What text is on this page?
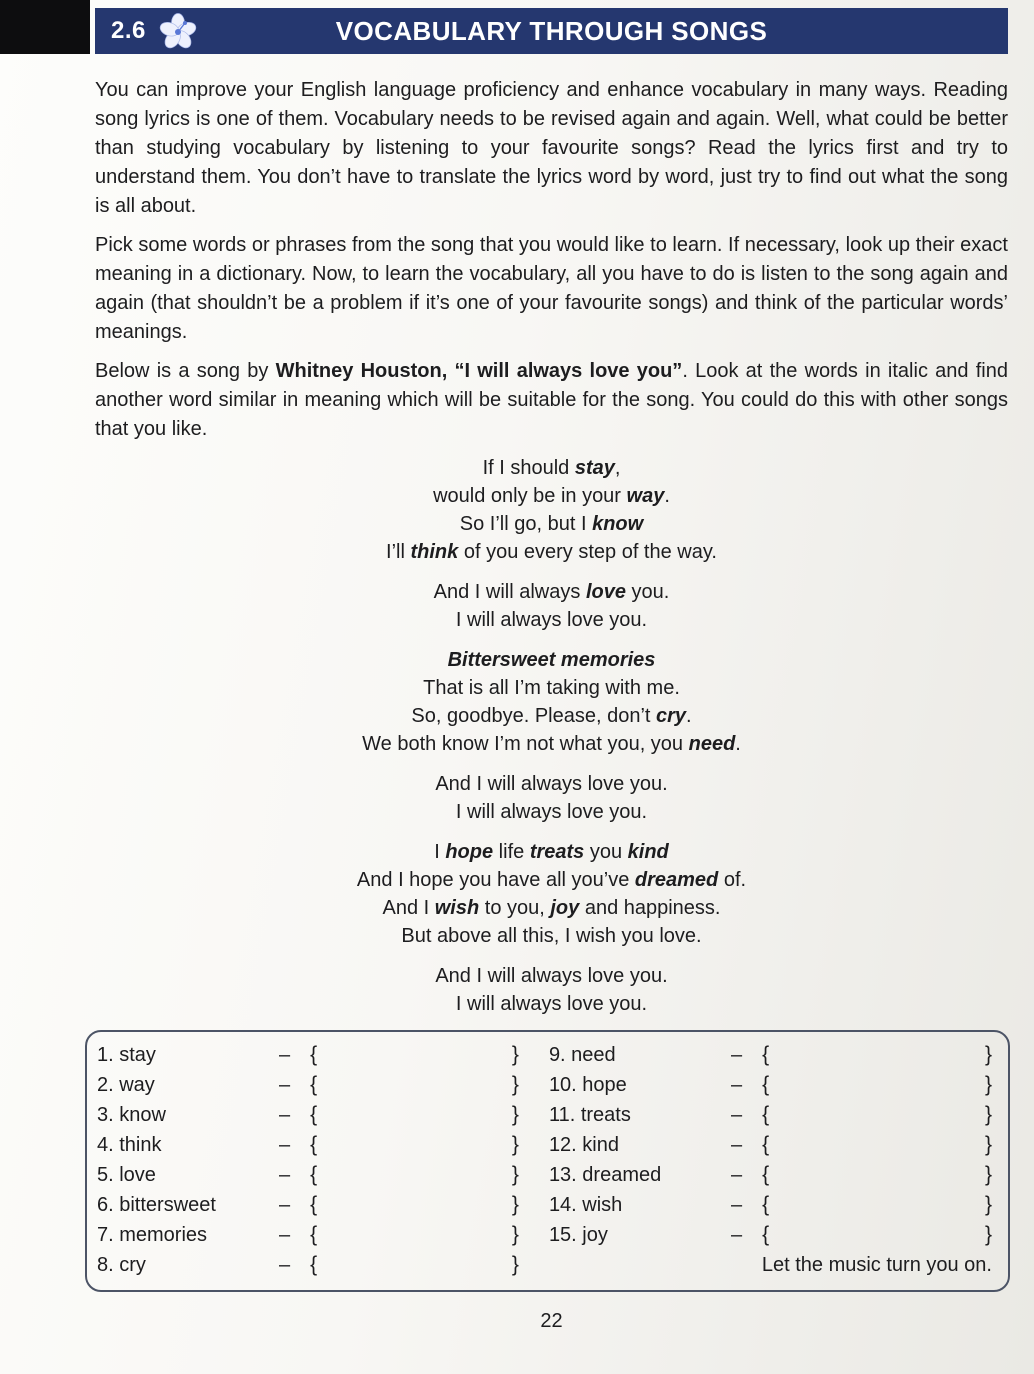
2.6	VOCABULARY THROUGH SONGS

You can improve your English language proficiency and enhance vocabulary in many ways. Reading song lyrics is one of them. Vocabulary needs to be revised again and again. Well, what could be better than studying vocabulary by listening to your favourite songs? Read the lyrics first and try to understand them. You don’t have to translate the lyrics word by word, just try to find out what the song is all about.

Pick some words or phrases from the song that you would like to learn. If necessary, look up their exact meaning in a dictionary. Now, to learn the vocabulary, all you have to do is listen to the song again and again (that shouldn’t be a problem if it’s one of your favourite songs) and think of the particular words’ meanings.

Below is a song by Whitney Houston, “I will always love you”. Look at the words in italic and find another word similar in meaning which will be suitable for the song. You could do this with other songs that you like.

If I should stay,
would only be in your way.
So I’ll go, but I know
I’ll think of you every step of the way.
And I will always love you.
I will always love you.
Bittersweet memories
That is all I’m taking with me.
So, goodbye. Please, don’t cry.
We both know I’m not what you, you need.
And I will always love you.
I will always love you.
I hope life treats you kind
And I hope you have all you’ve dreamed of.
And I wish to you, joy and happiness.
But above all this, I wish you love.
And I will always love you.
I will always love you.
1. stay	– {	}
2. way	– {	}
3. know	– {	}
4. think	– {	}
5. love	– {	}
6. bittersweet	– {	}
7. memories	– {	}
8. cry	– {	}
9. need	– {	}
10. hope	– {	}
11. treats	– {	}
12. kind	– {	}
13. dreamed	– {	}
14. wish	– {	}
15. joy	– {	}
Let the music turn you on.
22
